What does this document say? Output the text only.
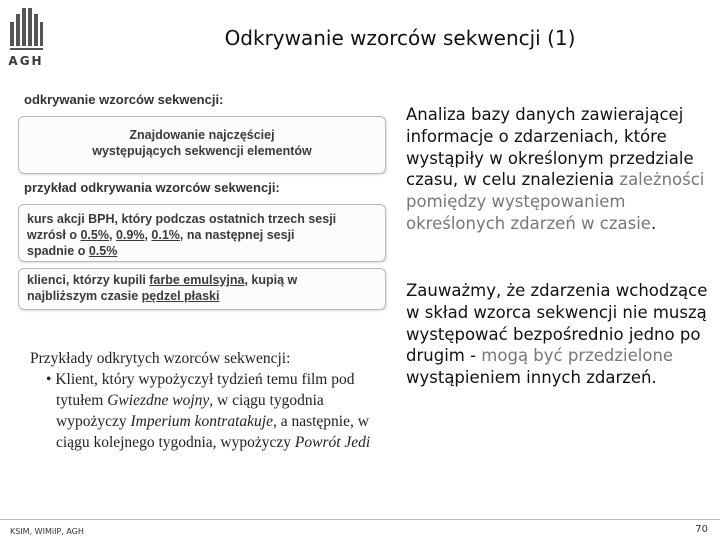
AGH
Odkrywanie wzorców sekwencji (1)
odkrywanie wzorców sekwencji:
Znajdowanie najczęściej
występujących sekwencji elementów
przykład odkrywania wzorców sekwencji:
kurs akcji BPH, który podczas ostatnich trzech sesji
wzrósł o 0.5%, 0.9%, 0.1%, na następnej sesji
spadnie o 0.5%
klienci, którzy kupili farbe emulsyjna, kupią w
najbliższym czasie pędzel płaski
Przykłady odkrytych wzorców sekwencji:
• Klient, który wypożyczył tydzień temu film pod tytułem Gwiezdne wojny, w ciągu tygodnia wypożyczy Imperium kontratakuje, a następnie, w ciągu kolejnego tygodnia, wypożyczy Powrót Jedi
Analiza bazy danych zawierającej informacje o zdarzeniach, które wystąpiły w określonym przedziale czasu, w celu znalezienia zależności pomiędzy występowaniem określonych zdarzeń w czasie.
Zauważmy, że zdarzenia wchodzące w skład wzorca sekwencji nie muszą występować bezpośrednio jedno po drugim - mogą być przedzielone wystąpieniem innych zdarzeń.
KSIM, WIMiIP, AGH	70
